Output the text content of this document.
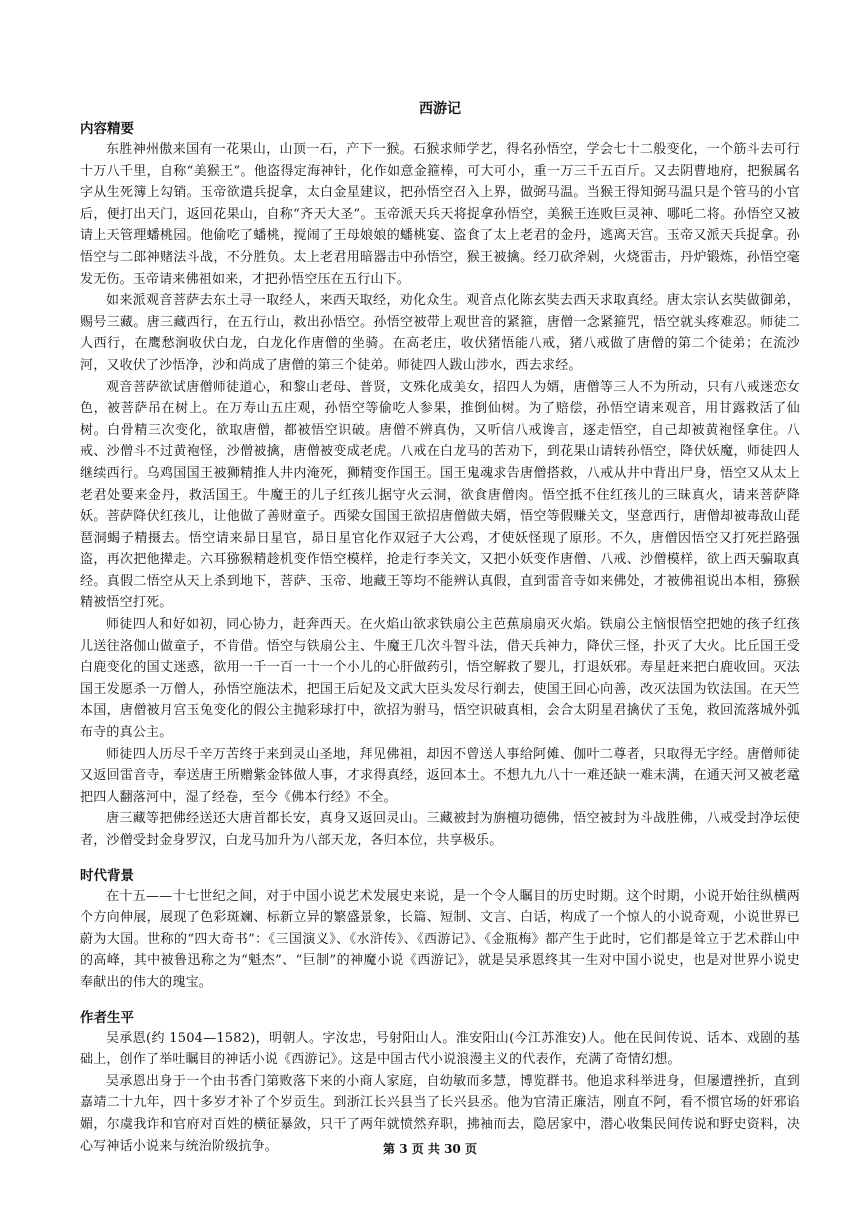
西游记
内容精要

东胜神州傲来国有一花果山，山顶一石，产下一猴。石猴求师学艺，得名孙悟空，学会七十二般变化，一个筋斗去可行十万八千里，自称“美猴王”。他盗得定海神针，化作如意金箍棒，可大可小，重一万三千五百斤。又去阴曹地府，把猴属名字从生死簿上勾销。玉帝欲遣兵捉拿，太白金星建议，把孙悟空召入上界，做弼马温。当猴王得知弼马温只是个管马的小官后，便打出天门，返回花果山，自称“齐天大圣”。玉帝派天兵天将捉拿孙悟空，美猴王连败巨灵神、哪吒二将。孙悟空又被请上天管理蟠桃园。他偷吃了蟠桃，搅闹了王母娘娘的蟠桃宴、盗食了太上老君的金丹，逃离天宫。玉帝又派天兵捉拿。孙悟空与二郎神赌法斗战，不分胜负。太上老君用暗器击中孙悟空，猴王被擒。经刀砍斧剁，火烧雷击，丹炉锻炼，孙悟空毫发无伤。玉帝请来佛祖如来，才把孙悟空压在五行山下。

如来派观音菩萨去东土寻一取经人，来西天取经，劝化众生。观音点化陈玄奘去西天求取真经。唐太宗认玄奘做御弟，赐号三藏。唐三藏西行，在五行山，救出孙悟空。孙悟空被带上观世音的紧箍，唐僧一念紧箍咒，悟空就头疼难忍。师徒二人西行，在鹰愁涧收伏白龙，白龙化作唐僧的坐骑。在高老庄，收伏猪悟能八戒，猪八戒做了唐僧的第二个徒弟；在流沙河，又收伏了沙悟净，沙和尚成了唐僧的第三个徒弟。师徒四人跋山涉水，西去求经。

观音菩萨欲试唐僧师徒道心，和黎山老母、普贤，文殊化成美女，招四人为婿，唐僧等三人不为所动，只有八戒迷恋女色，被菩萨吊在树上。在万寿山五庄观，孙悟空等偷吃人参果，推倒仙树。为了赔偿，孙悟空请来观音，用甘露救活了仙树。白骨精三次变化，欲取唐僧，都被悟空识破。唐僧不辨真伪，又听信八戒谗言，逐走悟空，自己却被黄袍怪拿住。八戒、沙僧斗不过黄袍怪，沙僧被擒，唐僧被变成老虎。八戒在白龙马的苦劝下，到花果山请转孙悟空，降伏妖魔，师徒四人继续西行。乌鸡国国王被狮精推人井内淹死，狮精变作国王。国王鬼魂求告唐僧搭救，八戒从井中背出尸身，悟空又从太上老君处要来金丹，救活国王。牛魔王的儿子红孩儿据守火云洞，欲食唐僧肉。悟空抵不住红孩儿的三昧真火，请来菩萨降妖。菩萨降伏红孩儿，让他做了善财童子。西梁女国国王欲招唐僧做夫婿，悟空等假赚关文，坚意西行，唐僧却被毒敌山琵琶洞蝎子精摄去。悟空请来昴日星官，昴日星官化作双冠子大公鸡，才使妖怪现了原形。不久，唐僧因悟空又打死拦路强盗，再次把他撵走。六耳猕猴精趁机变作悟空模样，抢走行李关文，又把小妖变作唐僧、八戒、沙僧模样，欲上西天骗取真经。真假二悟空从天上杀到地下，菩萨、玉帝、地藏王等均不能辨认真假，直到雷音寺如来佛处，才被佛祖说出本相，猕猴精被悟空打死。

师徒四人和好如初，同心协力，赶奔西天。在火焰山欲求铁扇公主芭蕉扇扇灭火焰。铁扇公主恼恨悟空把她的孩子红孩儿送往洛伽山做童子，不肯借。悟空与铁扇公主、牛魔王几次斗智斗法，借天兵神力，降伏三怪，扑灭了大火。比丘国王受白鹿变化的国丈迷惑，欲用一千一百一十一个小儿的心肝做药引，悟空解救了婴儿，打退妖邪。寿星赶来把白鹿收回。灭法国王发愿杀一万僧人，孙悟空施法术，把国王后妃及文武大臣头发尽行剃去，使国王回心向善，改灭法国为钦法国。在天竺本国，唐僧被月宫玉兔变化的假公主抛彩球打中，欲招为驸马，悟空识破真相，会合太阴星君擒伏了玉兔，救回流落城外弧布寺的真公主。

师徒四人历尽千辛万苦终于来到灵山圣地，拜见佛祖，却因不曾送人事给阿傩、伽叶二尊者，只取得无字经。唐僧师徒又返回雷音寺，奉送唐王所赠紫金钵做人事，才求得真经，返回本土。不想九九八十一难还缺一难未满，在通天河又被老鼋把四人翻落河中，湿了经卷，至今《佛本行经》不全。

唐三藏等把佛经送还大唐首都长安，真身又返回灵山。三藏被封为旃檀功德佛，悟空被封为斗战胜佛，八戒受封净坛使者，沙僧受封金身罗汉，白龙马加升为八部天龙，各归本位，共享极乐。

时代背景

在十五——十七世纪之间，对于中国小说艺术发展史来说，是一个令人瞩目的历史时期。这个时期，小说开始往纵横两个方向伸展，展现了色彩斑斓、标新立异的繁盛景象，长篇、短制、文言、白话，构成了一个惊人的小说奇观，小说世界已蔚为大国。世称的“四大奇书”：《三国演义》、《水浒传》、《西游记》、《金瓶梅》都产生于此时，它们都是耸立于艺术群山中的高峰，其中被鲁迅称之为“魁杰”、“巨制”的神魔小说《西游记》，就是吴承恩终其一生对中国小说史，也是对世界小说史奉献出的伟大的瑰宝。

作者生平

吴承恩(约 1504—1582)，明朝人。字汝忠，号射阳山人。淮安阳山(今江苏淮安)人。他在民间传说、话本、戏剧的基础上，创作了举吐瞩目的神话小说《西游记》。这是中国古代小说浪漫主义的代表作，充满了奇情幻想。

吴承恩出身于一个由书香门第败落下来的小商人家庭，自幼敏而多慧，博览群书。他追求科举进身，但屡遭挫折，直到嘉靖二十九年，四十多岁才补了个岁贡生。到浙江长兴县当了长兴县丞。他为官清正廉洁，刚直不阿，看不惯官场的奸邪谄媚，尔虞我诈和官府对百姓的横征暴敛，只干了两年就愤然弃职，拂袖而去，隐居家中，潜心收集民间传说和野史资料，决心写神话小说来与统治阶级抗争。	第 3 页 共 30 页
